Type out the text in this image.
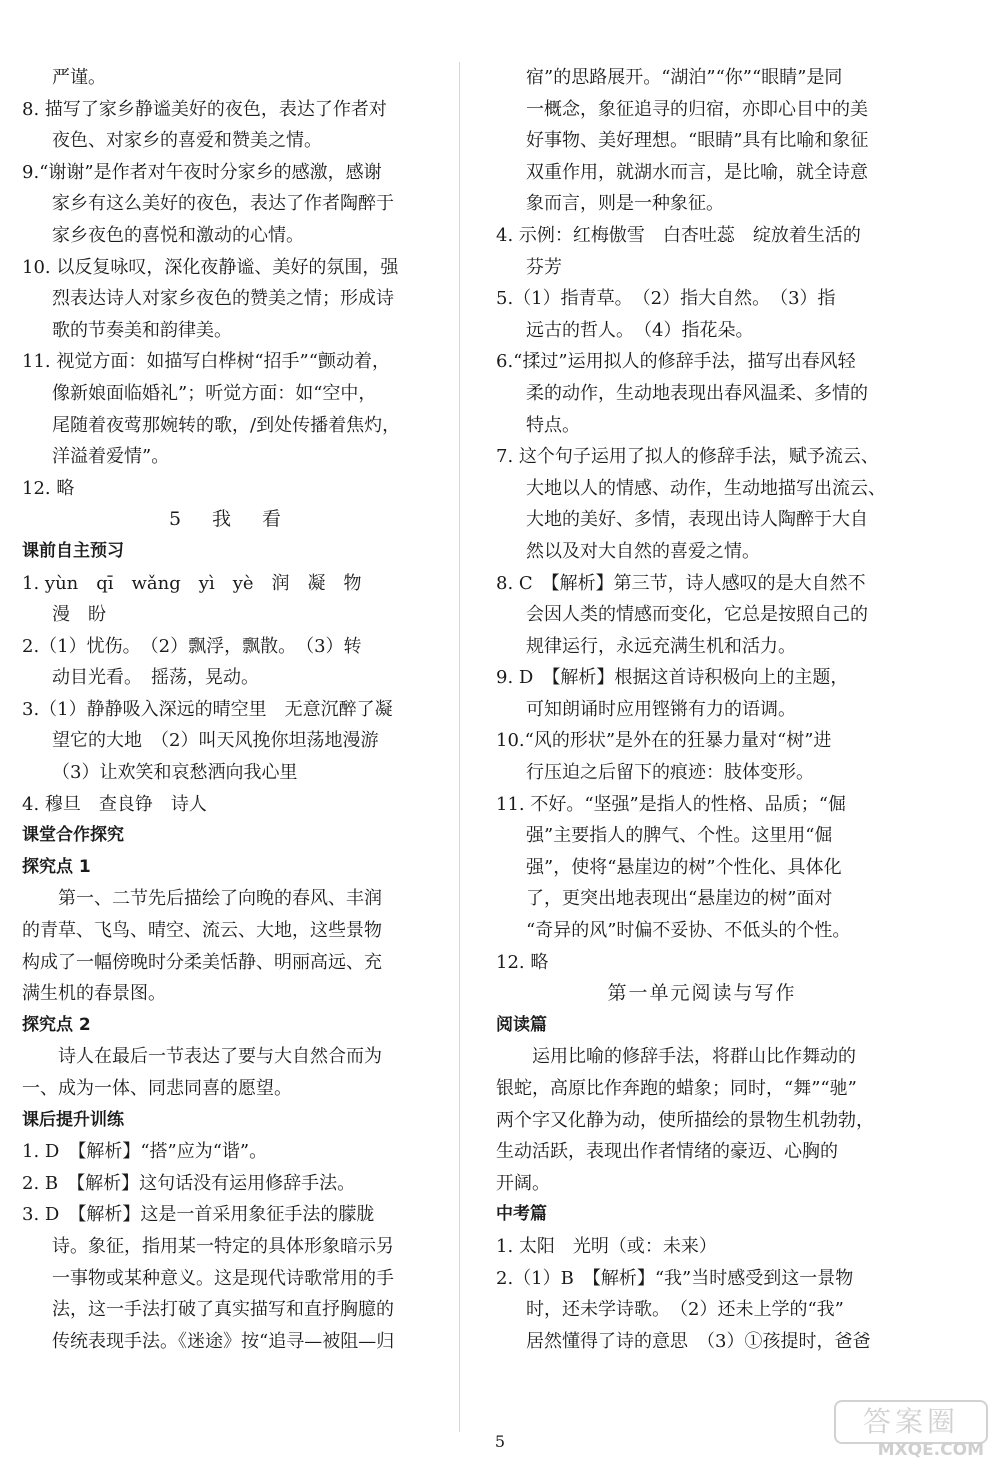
严谨。
8. 描写了家乡静谧美好的夜色，表达了作者对
夜色、对家乡的喜爱和赞美之情。
9.“谢谢”是作者对午夜时分家乡的感激，感谢
家乡有这么美好的夜色，表达了作者陶醉于
家乡夜色的喜悦和激动的心情。
10. 以反复咏叹，深化夜静谧、美好的氛围，强
烈表达诗人对家乡夜色的赞美之情；形成诗
歌的节奏美和韵律美。
11. 视觉方面：如描写白桦树“招手”“颤动着，
像新娘面临婚礼”；听觉方面：如“空中，
尾随着夜莺那婉转的歌，/到处传播着焦灼，
洋溢着爱情”。
12. 略
5　我　看
课前自主预习
1. yùn　qī　wǎng　yì　yè　润　凝　物
漫　盼
2.（1）忧伤。　（2）飘浮，飘散。　（3）转
动目光看。　摇荡，晃动。
3.（1）静静吸入深远的晴空里　无意沉醉了凝
望它的大地　（2）叫天风挽你坦荡地漫游
（3）让欢笑和哀愁洒向我心里
4. 穆旦　查良铮　诗人
课堂合作探究
探究点 1
第一、二节先后描绘了向晚的春风、丰润
的青草、飞鸟、晴空、流云、大地，这些景物
构成了一幅傍晚时分柔美恬静、明丽高远、充
满生机的春景图。
探究点 2
诗人在最后一节表达了要与大自然合而为
一、成为一体、同悲同喜的愿望。
课后提升训练
1. D　【解析】“搭”应为“谐”。
2. B　【解析】这句话没有运用修辞手法。
3. D　【解析】这是一首采用象征手法的朦胧
诗。象征，指用某一特定的具体形象暗示另
一事物或某种意义。这是现代诗歌常用的手
法，这一手法打破了真实描写和直抒胸臆的
传统表现手法。《迷途》按“追寻—被阻—归
宿”的思路展开。“湖泊”“你”“眼睛”是同
一概念，象征追寻的归宿，亦即心目中的美
好事物、美好理想。“眼睛”具有比喻和象征
双重作用，就湖水而言，是比喻，就全诗意
象而言，则是一种象征。
4. 示例：红梅傲雪　白杏吐蕊　绽放着生活的
芬芳
5.（1）指青草。　（2）指大自然。　（3）指
远古的哲人。　（4）指花朵。
6.“揉过”运用拟人的修辞手法，描写出春风轻
柔的动作，生动地表现出春风温柔、多情的
特点。
7. 这个句子运用了拟人的修辞手法，赋予流云、
大地以人的情感、动作，生动地描写出流云、
大地的美好、多情，表现出诗人陶醉于大自
然以及对大自然的喜爱之情。
8. C　【解析】第三节，诗人感叹的是大自然不
会因人类的情感而变化，它总是按照自己的
规律运行，永远充满生机和活力。
9. D　【解析】根据这首诗积极向上的主题，
可知朗诵时应用铿锵有力的语调。
10.“风的形状”是外在的狂暴力量对“树”进
行压迫之后留下的痕迹：肢体变形。
11. 不好。“坚强”是指人的性格、品质；“倔
强”主要指人的脾气、个性。这里用“倔
强”，使将“悬崖边的树”个性化、具体化
了，更突出地表现出“悬崖边的树”面对
“奇异的风”时偏不妥协、不低头的个性。
12. 略
第一单元阅读与写作
阅读篇
运用比喻的修辞手法，将群山比作舞动的
银蛇，高原比作奔跑的蜡象；同时，“舞”“驰”
两个字又化静为动，使所描绘的景物生机勃勃，
生动活跃，表现出作者情绪的豪迈、心胸的
开阔。
中考篇
1. 太阳　光明（或：未来）
2.（1）B　【解析】“我”当时感受到这一景物
时，还未学诗歌。　（2）还未上学的“我”
居然懂得了诗的意思　（3）①孩提时，爸爸
5
答案圈
MXQE.COM
